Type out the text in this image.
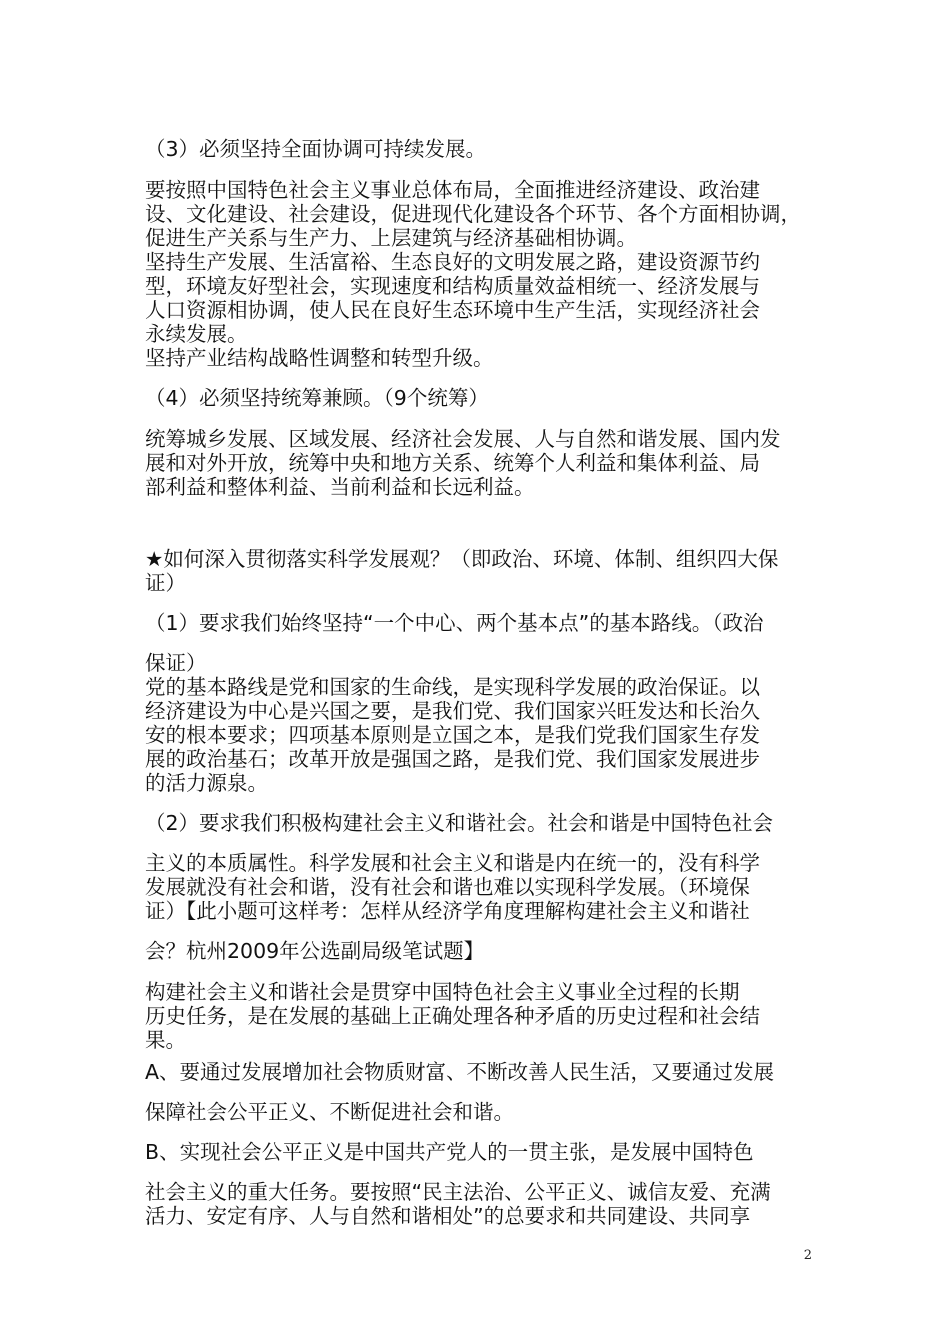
（3）必须坚持全面协调可持续发展。
要按照中国特色社会主义事业总体布局，全面推进经济建设、政治建
设、文化建设、社会建设，促进现代化建设各个环节、各个方面相协调，
促进生产关系与生产力、上层建筑与经济基础相协调。
坚持生产发展、生活富裕、生态良好的文明发展之路，建设资源节约
型，环境友好型社会，实现速度和结构质量效益相统一、经济发展与
人口资源相协调，使人民在良好生态环境中生产生活，实现经济社会
永续发展。
坚持产业结构战略性调整和转型升级。
（4）必须坚持统筹兼顾。（9个统筹）
统筹城乡发展、区域发展、经济社会发展、人与自然和谐发展、国内发
展和对外开放，统筹中央和地方关系、统筹个人利益和集体利益、局
部利益和整体利益、当前利益和长远利益。
★如何深入贯彻落实科学发展观？（即政治、环境、体制、组织四大保
证）
（1）要求我们始终坚持“一个中心、两个基本点”的基本路线。（政治
保证）
党的基本路线是党和国家的生命线，是实现科学发展的政治保证。以
经济建设为中心是兴国之要，是我们党、我们国家兴旺发达和长治久
安的根本要求；四项基本原则是立国之本，是我们党我们国家生存发
展的政治基石；改革开放是强国之路，是我们党、我们国家发展进步
的活力源泉。
（2）要求我们积极构建社会主义和谐社会。社会和谐是中国特色社会
主义的本质属性。科学发展和社会主义和谐是内在统一的，没有科学
发展就没有社会和谐，没有社会和谐也难以实现科学发展。（环境保
证）【此小题可这样考：怎样从经济学角度理解构建社会主义和谐社
会？杭州2009年公选副局级笔试题】
构建社会主义和谐社会是贯穿中国特色社会主义事业全过程的长期
历史任务，是在发展的基础上正确处理各种矛盾的历史过程和社会结
果。
A、要通过发展增加社会物质财富、不断改善人民生活，又要通过发展
保障社会公平正义、不断促进社会和谐。
B、实现社会公平正义是中国共产党人的一贯主张，是发展中国特色
社会主义的重大任务。要按照“民主法治、公平正义、诚信友爱、充满
活力、安定有序、人与自然和谐相处”的总要求和共同建设、共同享
2
